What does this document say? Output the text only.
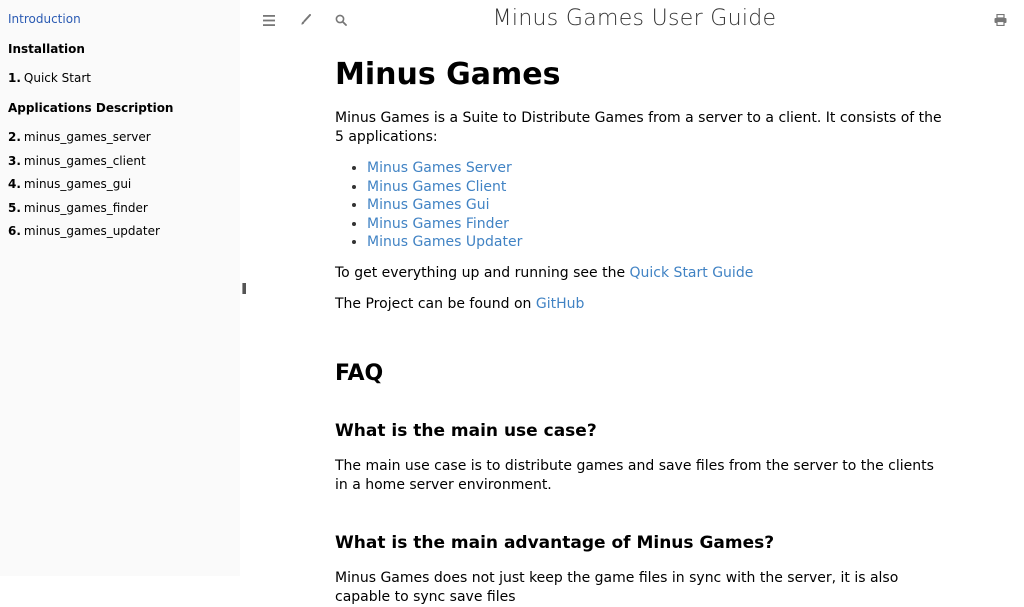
Introduction
Installation
1. Quick Start
Applications Description
2. minus_games_server
3. minus_games_client
4. minus_games_gui
5. minus_games_finder
6. minus_games_updater
Minus Games User Guide
Minus Games

Minus Games is a Suite to Distribute Games from a server to a client. It consists of the 5 applications:

• Minus Games Server
• Minus Games Client
• Minus Games Gui
• Minus Games Finder
• Minus Games Updater

To get everything up and running see the Quick Start Guide

The Project can be found on GitHub

FAQ
What is the main use case?

The main use case is to distribute games and save files from the server to the clients in a home server environment.

What is the main advantage of Minus Games?

Minus Games does not just keep the game files in sync with the server, it is also capable to sync save files
